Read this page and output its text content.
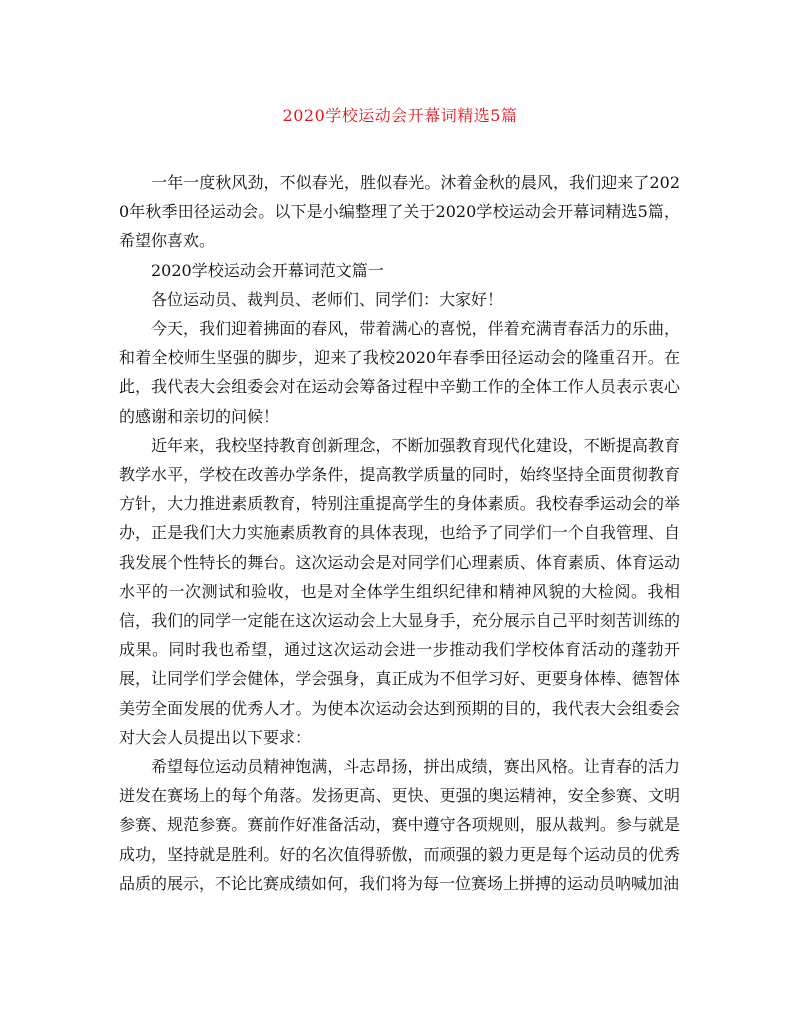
2020学校运动会开幕词精选5篇

一年一度秋风劲，不似春光，胜似春光。沐着金秋的晨风，我们迎来了2020年秋季田径运动会。以下是小编整理了关于2020学校运动会开幕词精选5篇，希望你喜欢。

2020学校运动会开幕词范文篇一

各位运动员、裁判员、老师们、同学们：大家好！

今天，我们迎着拂面的春风，带着满心的喜悦，伴着充满青春活力的乐曲，和着全校师生坚强的脚步，迎来了我校2020年春季田径运动会的隆重召开。在此，我代表大会组委会对在运动会筹备过程中辛勤工作的全体工作人员表示衷心的感谢和亲切的问候！

近年来，我校坚持教育创新理念，不断加强教育现代化建设，不断提高教育教学水平，学校在改善办学条件，提高教学质量的同时，始终坚持全面贯彻教育方针，大力推进素质教育，特别注重提高学生的身体素质。我校春季运动会的举办，正是我们大力实施素质教育的具体表现，也给予了同学们一个自我管理、自我发展个性特长的舞台。这次运动会是对同学们心理素质、体育素质、体育运动水平的一次测试和验收，也是对全体学生组织纪律和精神风貌的大检阅。我相信，我们的同学一定能在这次运动会上大显身手，充分展示自己平时刻苦训练的成果。同时我也希望，通过这次运动会进一步推动我们学校体育活动的蓬勃开展，让同学们学会健体，学会强身，真正成为不但学习好、更要身体棒、德智体美劳全面发展的优秀人才。为使本次运动会达到预期的目的，我代表大会组委会对大会人员提出以下要求：

希望每位运动员精神饱满，斗志昂扬，拼出成绩，赛出风格。让青春的活力迸发在赛场上的每个角落。发扬更高、更快、更强的奥运精神，安全参赛、文明参赛、规范参赛。赛前作好准备活动，赛中遵守各项规则，服从裁判。参与就是成功，坚持就是胜利。好的名次值得骄傲，而顽强的毅力更是每个运动员的优秀品质的展示，不论比赛成绩如何，我们将为每一位赛场上拼搏的运动员呐喊加油
